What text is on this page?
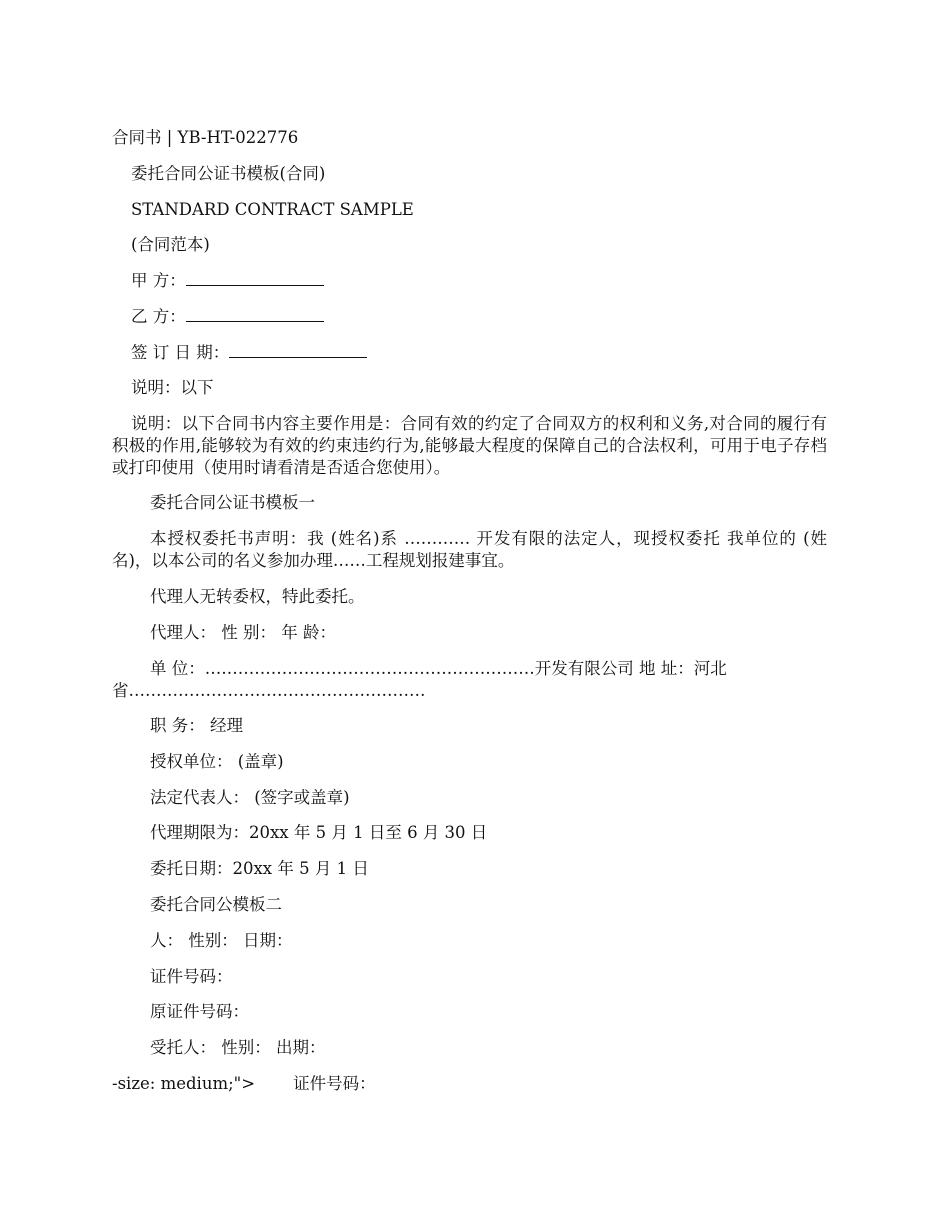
合同书 | YB-HT-022776
委托合同公证书模板(合同)
STANDARD CONTRACT SAMPLE
(合同范本)
甲 方：
乙 方：
签 订 日 期：
说明：以下
说明：以下合同书内容主要作用是：合同有效的约定了合同双方的权利和义务,对合同的履行有积极的作用,能够较为有效的约束违约行为,能够最大程度的保障自己的合法权利，可用于电子存档或打印使用（使用时请看清是否适合您使用）。
委托合同公证书模板一
本授权委托书声明：我 (姓名)系 ………… 开发有限的法定人，现授权委托 我单位的 (姓名)，以本公司的名义参加办理……工程规划报建事宜。
代理人无转委权，特此委托。
代理人： 性 别： 年 龄：
单 位：……………………………………………………开发有限公司 地 址：河北
省………………………………………………
职 务： 经理
授权单位： (盖章)
法定代表人： (签字或盖章)
代理期限为：20xx 年 5 月 1 日至 6 月 30 日
委托日期：20xx 年 5 月 1 日
委托合同公模板二
人： 性别： 日期：
证件号码：
原证件号码：
受托人： 性别： 出期：
-size: medium;"> 证件号码：
